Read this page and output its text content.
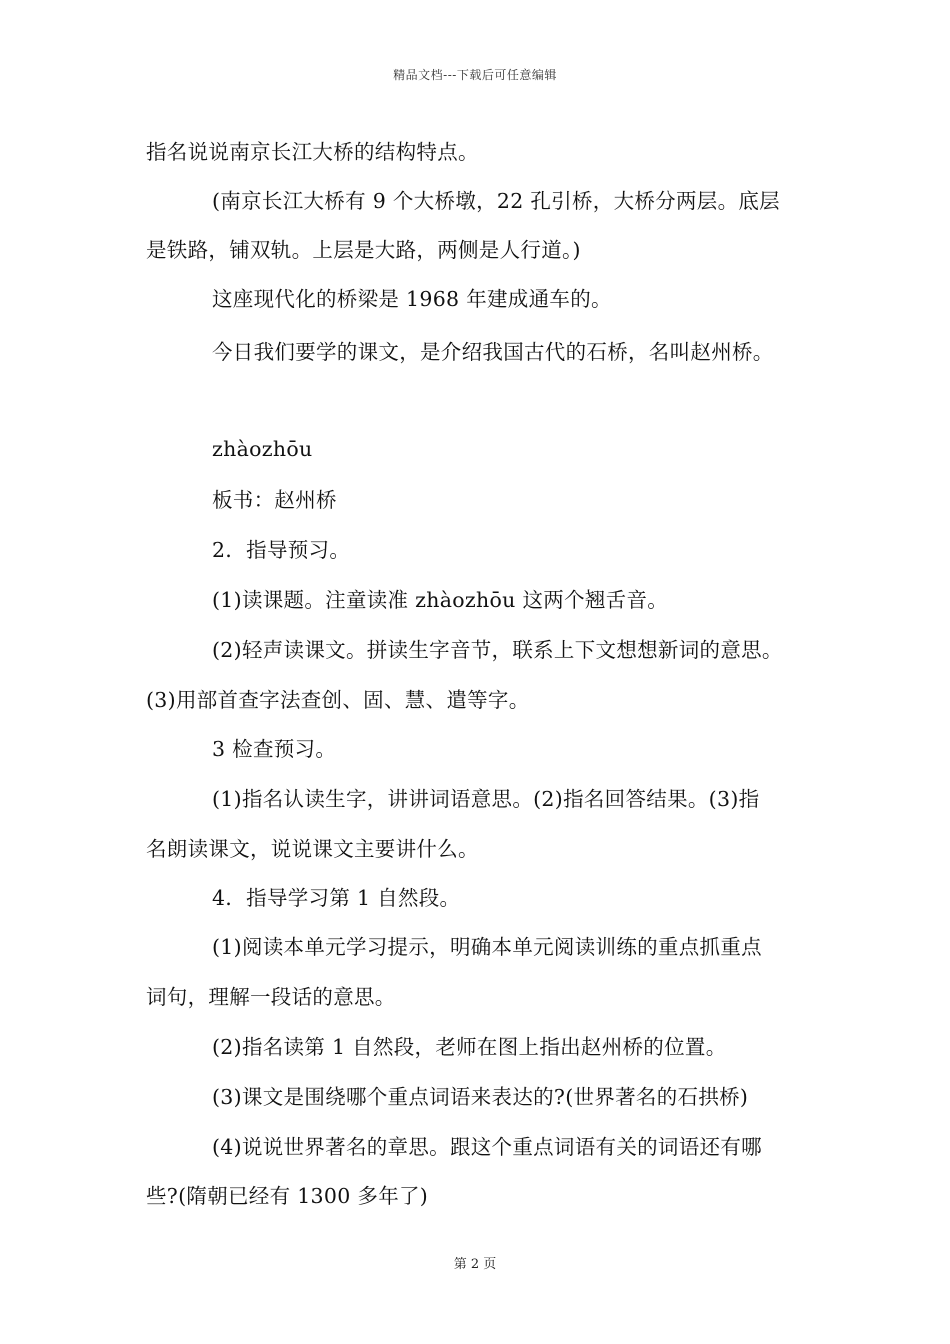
精品文档---下载后可任意编辑
指名说说南京长江大桥的结构特点。
(南京长江大桥有 9 个大桥墩，22 孔引桥，大桥分两层。底层
是铁路，铺双轨。上层是大路，两侧是人行道。)
这座现代化的桥梁是 1968 年建成通车的。
今日我们要学的课文，是介绍我国古代的石桥，名叫赵州桥。
zhàozhōu
板书：赵州桥
2．指导预习。
(1)读课题。注童读准 zhàozhōu 这两个翘舌音。
(2)轻声读课文。拼读生字音节，联系上下文想想新词的意思。
(3)用部首查字法查创、固、慧、遣等字。
3 检查预习。
(1)指名认读生字，讲讲词语意思。(2)指名回答结果。(3)指
名朗读课文，说说课文主要讲什么。
4．指导学习第 1 自然段。
(1)阅读本单元学习提示，明确本单元阅读训练的重点抓重点
词句，理解一段话的意思。
(2)指名读第 1 自然段，老师在图上指出赵州桥的位置。
(3)课文是围绕哪个重点词语来表达的?(世界著名的石拱桥)
(4)说说世界著名的章思。跟这个重点词语有关的词语还有哪
些?(隋朝已经有 1300 多年了)
第 2 页
